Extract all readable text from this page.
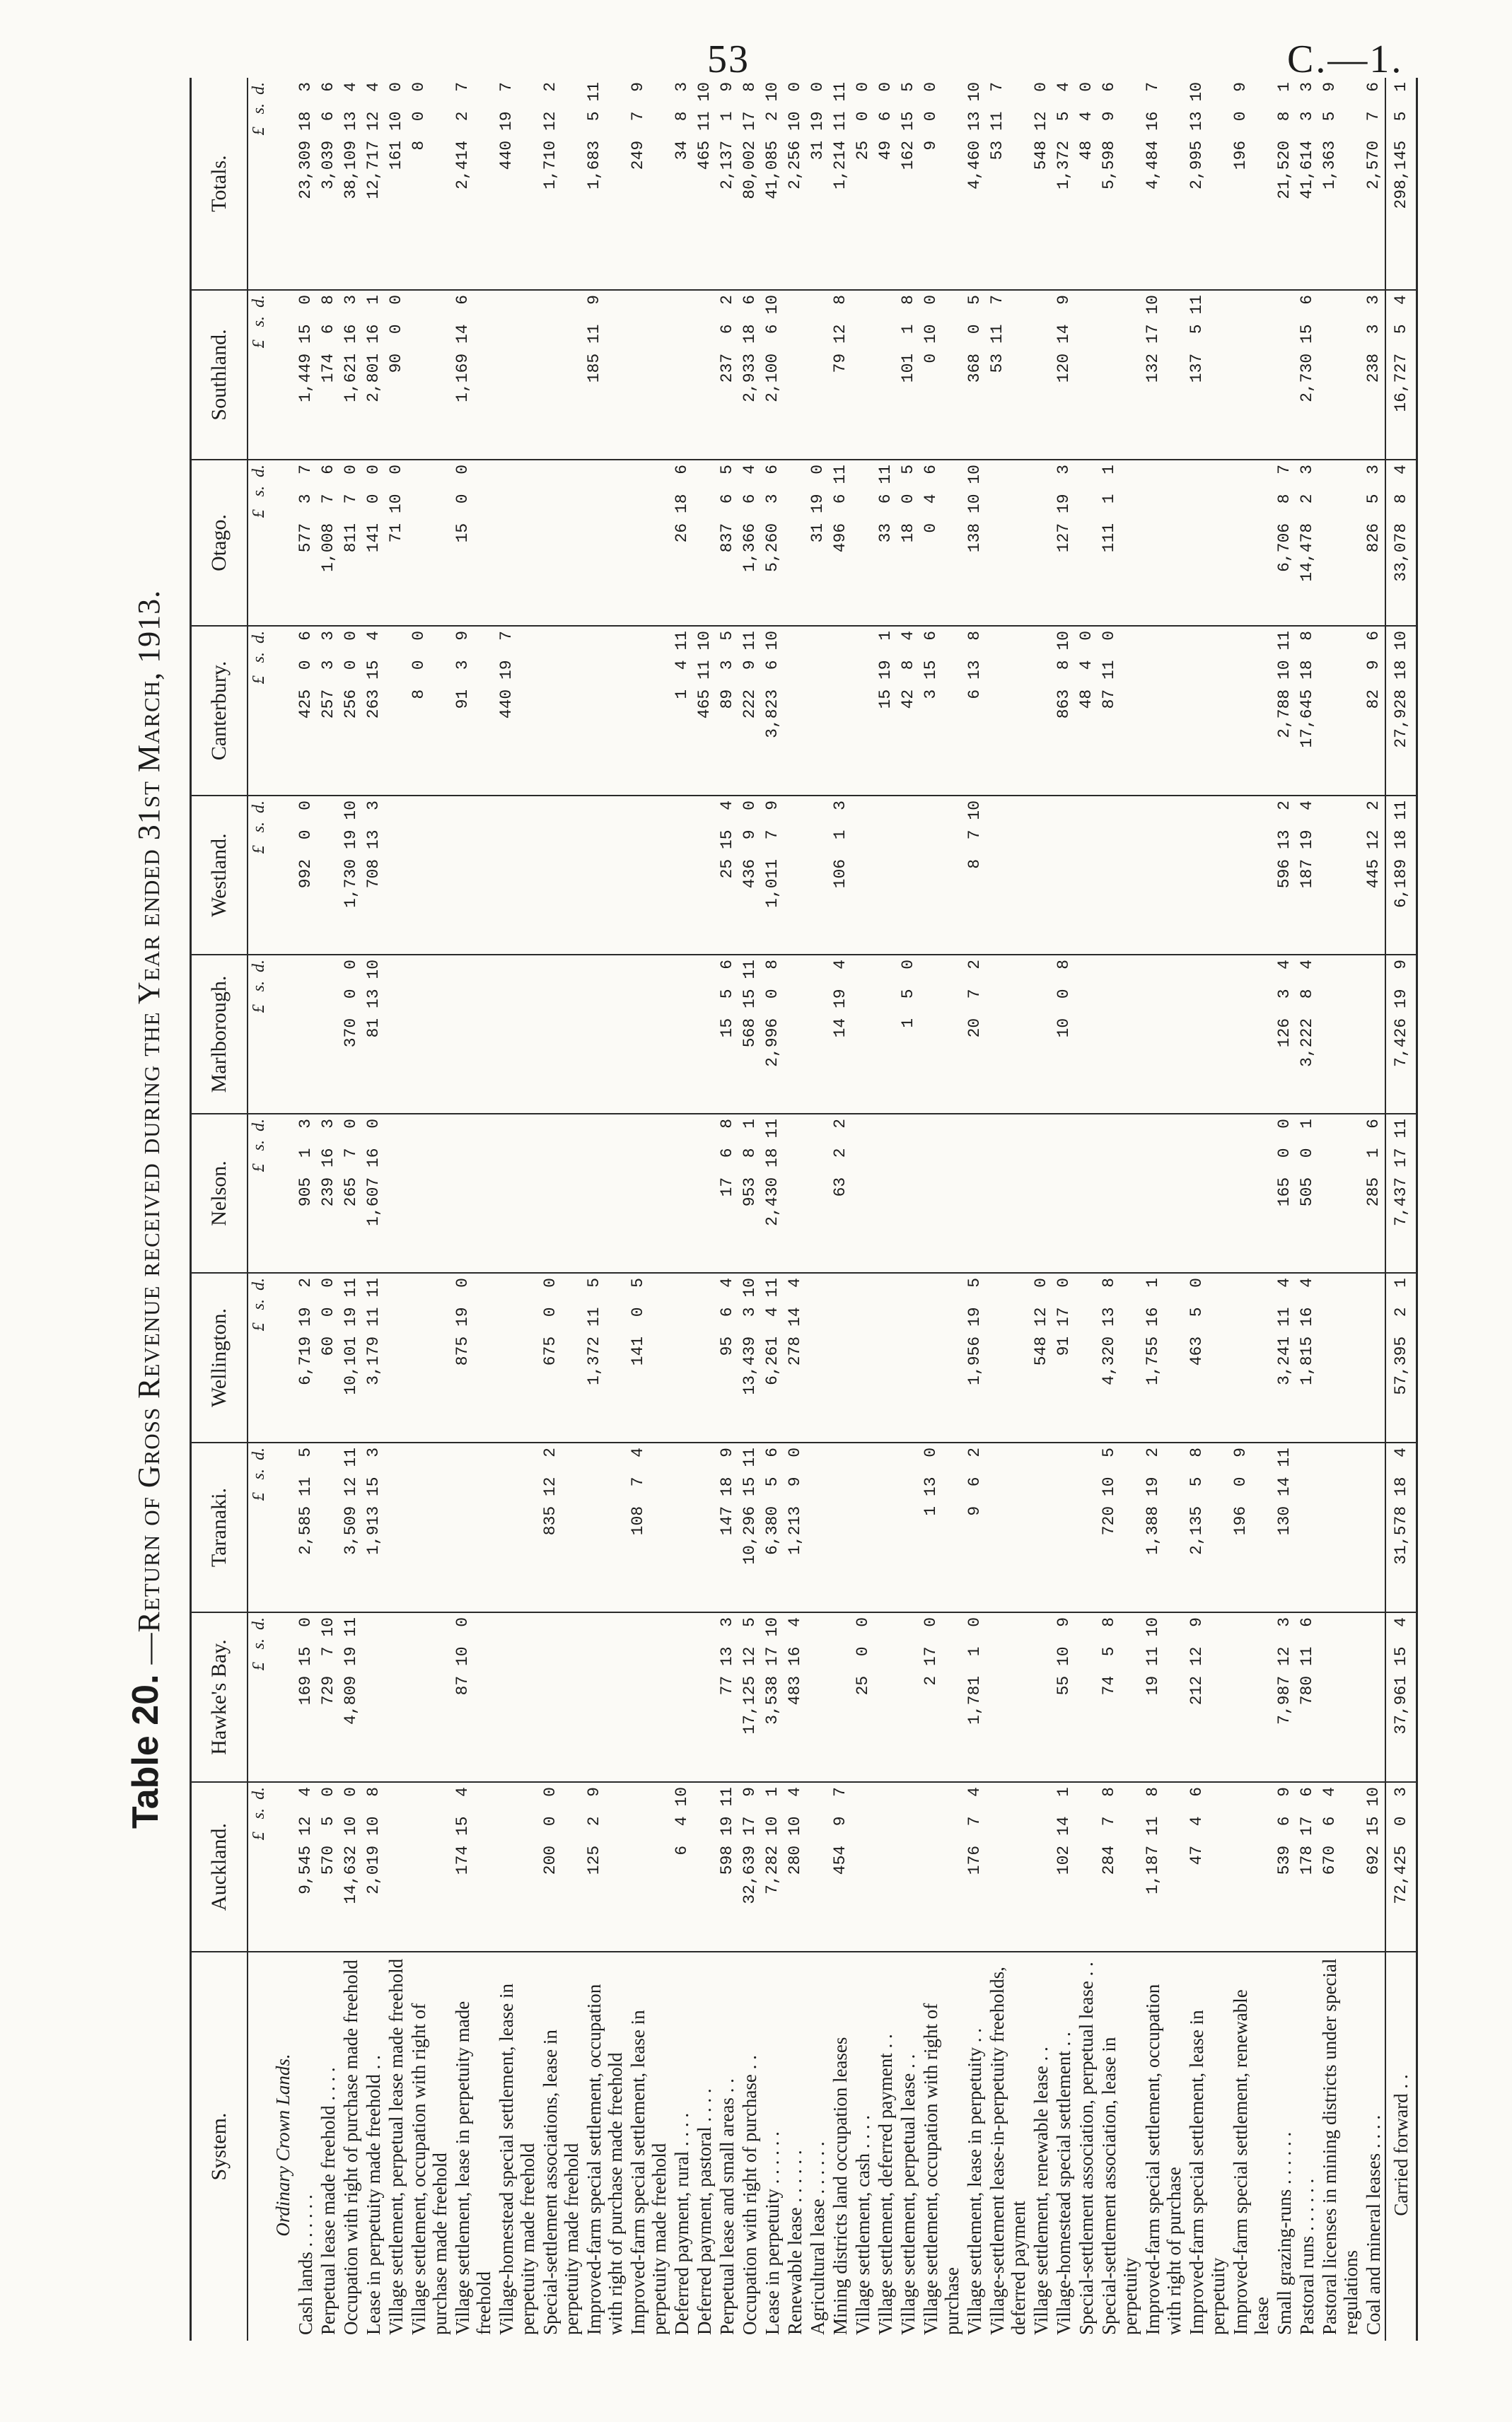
53	C.—1.
Table 20.
—Return of Gross Revenue received during the Year ended 31st March, 1913.
System.	Auckland.	Hawke's Bay.	Taranaki.	Wellington.	Nelson.	Marlborough.	Westland.	Canterbury.	Otago.	Southland.	Totals.
	£   s.  d.	£   s.  d.	£   s.  d.	£   s.  d.	£   s.  d.	£   s.  d.	£   s.  d.	£   s.  d.	£   s.  d.	£   s.  d.	£   s.  d.
Ordinary Crown Lands.											
Cash lands . . . . . .	9,545 12  4	169 15  0	2,585 11  5	6,719 19  2	905  1  3		992  0  0	425  0  6	577  3  7	1,449 15  0	23,309 18  3
Perpetual lease made freehold . . . .	570  5  0	729  7 10		60  0  0	239 16  3			257  3  3	1,008  7  6	174  6  8	3,039  6  6
Occupation with right of purchase made freehold	14,632 10  0	4,809 19 11	3,509 12 11	10,101 19 11	265  7  0	370  0  0	1,730 19 10	256  0  0	811  7  0	1,621 16  3	38,109 13  4
Lease in perpetuity made freehold . .	2,019 10  8		1,913 15  3	3,179 11 11	1,607 16  0	81 13 10	708 13  3	263 15  4	141  0  0	2,801 16  1	12,717 12  4
Village settlement, perpetual lease made freehold									71 10  0	90  0  0	161 10  0
Village settlement, occupation with right of purchase made freehold								8  0  0			8  0  0
Village settlement, lease in perpetuity made freehold	174 15  4	87 10  0		875 19  0				91  3  9	15  0  0	1,169 14  6	2,414  2  7
Village-homestead special settlement, lease in perpetuity made freehold								440 19  7			440 19  7
Special-settlement associations, lease in perpetuity made freehold	200  0  0		835 12  2	675  0  0							1,710 12  2
Improved-farm special settlement, occupation with right of purchase made freehold	125  2  9			1,372 11  5						185 11  9	1,683  5 11
Improved-farm special settlement, lease in perpetuity made freehold			108  7  4	141  0  5							249  7  9
Deferred payment, rural . . . .	6  4 10							1  4 11	26 18  6		34  8  3
Deferred payment, pastoral . . . .								465 11 10			465 11 10
Perpetual lease and small areas . .	598 19 11	77 13  3	147 18  9	95  6  4	17  6  8	15  5  6	25 15  4	89  3  5	837  6  5	237  6  2	2,137  1  9
Occupation with right of purchase . .	32,639 17  9	17,125 12  5	10,296 15 11	13,439  3 10	953  8  1	568 15 11	436  9  0	222  9 11	1,366  6  4	2,933 18  6	80,002 17  8
Lease in perpetuity . . . . . .	7,282 10  1	3,538 17 10	6,380  5  6	6,261  4 11	2,430 18 11	2,996  0  8	1,011  7  9	3,823  6 10	5,260  3  6	2,100  6 10	41,085  2 10
Renewable lease . . . . . .	280 10  4	483 16  4	1,213  9  0	278 14  4							2,256 10  0
Agricultural lease . . . . . .									31 19  0		31 19  0
Mining districts land occupation leases	454  9  7				63  2  2	14 19  4	106  1  3		496  6 11	79 12  8	1,214 11 11
Village settlement, cash . . . .		25  0  0									25  0  0
Village settlement, deferred payment . .								15 19  1	33  6 11		49  6  0
Village settlement, perpetual lease . .						1  5  0		42  8  4	18  0  5	101  1  8	162 15  5
Village settlement, occupation with right of purchase		2 17  0	1 13  0					3 15  6	0  4  6	0 10  0	9  0  0
Village settlement, lease in perpetuity . .	176  7  4	1,781  1  0	9  6  2	1,956 19  5		20  7  2	8  7 10	6 13  8	138 10 10	368  0  5	4,460 13 10
Village-settlement lease-in-perpetuity freeholds, deferred payment										53 11  7	53 11  7
Village settlement, renewable lease . .				548 12  0							548 12  0
Village-homestead special settlement . .	102 14  1	55 10  9		91 17  0		10  0  8		863  8 10	127 19  3	120 14  9	1,372  5  4
Special-settlement association, perpetual lease . .								48  4  0			48  4  0
Special-settlement association, lease in perpetuity	284  7  8	74  5  8	720 10  5	4,320 13  8				87 11  0	111  1  1		5,598  9  6
Improved-farm special settlement, occupation with right of purchase	1,187 11  8	19 11 10	1,388 19  2	1,755 16  1						132 17 10	4,484 16  7
Improved-farm special settlement, lease in perpetuity	47  4  6	212 12  9	2,135  5  8	463  5  0						137  5 11	2,995 13 10
Improved-farm special settlement, renewable lease			196  0  9								196  0  9
Small grazing-runs . . . . . .	539  6  9	7,987 12  3	130 14 11	3,241 11  4	165  0  0	126  3  4	596 13  2	2,788 10 11	6,706  8  7		21,520  8  1
Pastoral runs . . . . . .	178 17  6	780 11  6		1,815 16  4	505  0  1	3,222  8  4	187 19  4	17,645 18  8	14,478  2  3	2,730 15  6	41,614  3  3
Pastoral licenses in mining districts under special regulations	670  6  4										1,363  5  9
Coal and mineral leases . . . .	692 15 10				285  1  6		445 12  2	82  9  6	826  5  3	238  3  3	2,570  7  6
Carried forward . .	72,425  0  3	37,961 15  4	31,578 18  4	57,395  2  1	7,437 17 11	7,426 19  9	6,189 18 11	27,928 18 10	33,078  8  4	16,727  5  4	298,145  5  1
